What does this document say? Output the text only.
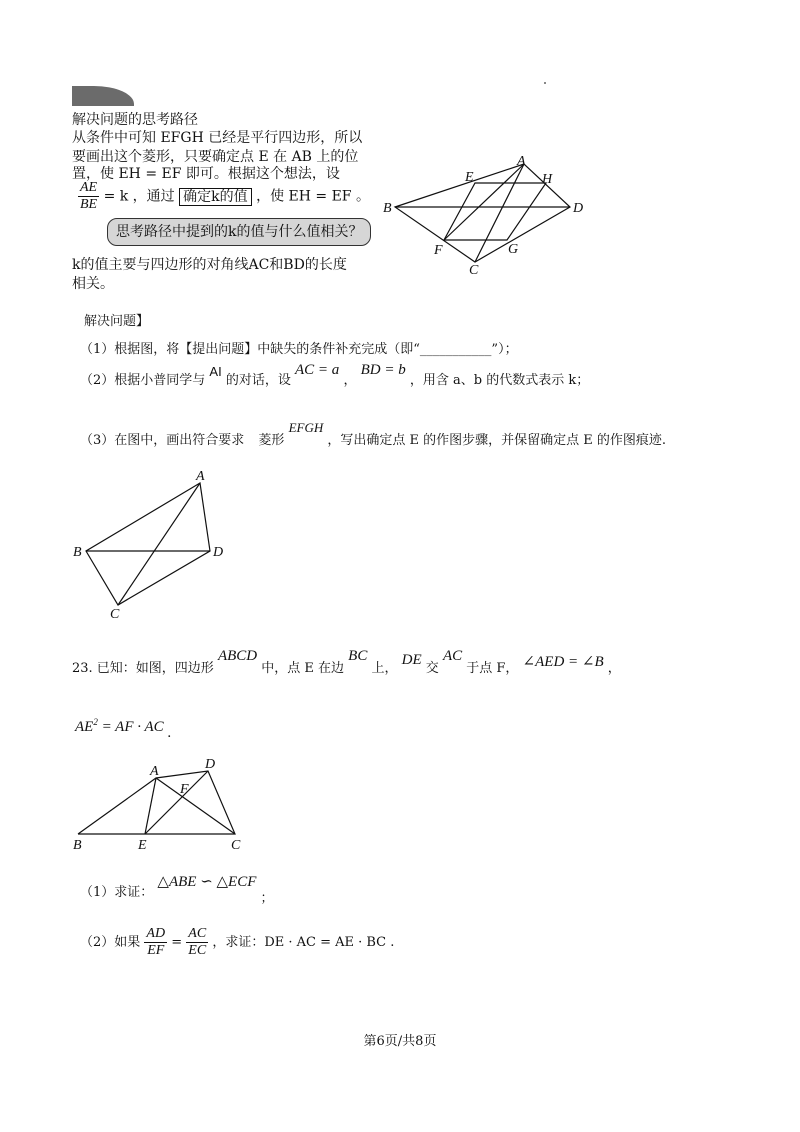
解决问题的思考路径
从条件中可知 EFGH 已经是平行四边形，所以
要画出这个菱形，只要确定点 E 在 AB 上的位
置，使 EH = EF 即可。根据这个想法，设
$\frac{AE}{BE} = k$ ，通过 确定k的值 ，使 EH = EF 。
思考路径中提到的k的值与什么值相关？
k的值主要与四边形的对角线AC和BD的长度
相关。
A
E	H
B	D
F	G
C
解决问题】
（1）根据图，将【提出问题】中缺失的条件补充完成（即“___________”）；
（2）根据小普同学与 AI 的对话，设 AC = a ， BD = b ，用含 a、b 的代数式表示 k；
（3）在图中，画出符合要求 菱形 EFGH ，写出确定点 E 的作图步骤，并保留确定点 E 的作图痕迹.
A
B	D
C
23. 已知：如图，四边形 ABCD 中，点 E 在边 BC 上， DE 交 AC 于点 F， ∠AED = ∠B ，
$AE^2$ = AF · AC .
A	D
F
B	E	C
（1）求证： △ABE ∽ △ECF ；
（2）如果 $\frac{AD}{EF} = \frac{AC}{EC}$ ，求证：DE · AC = AE · BC .
第6页/共8页
